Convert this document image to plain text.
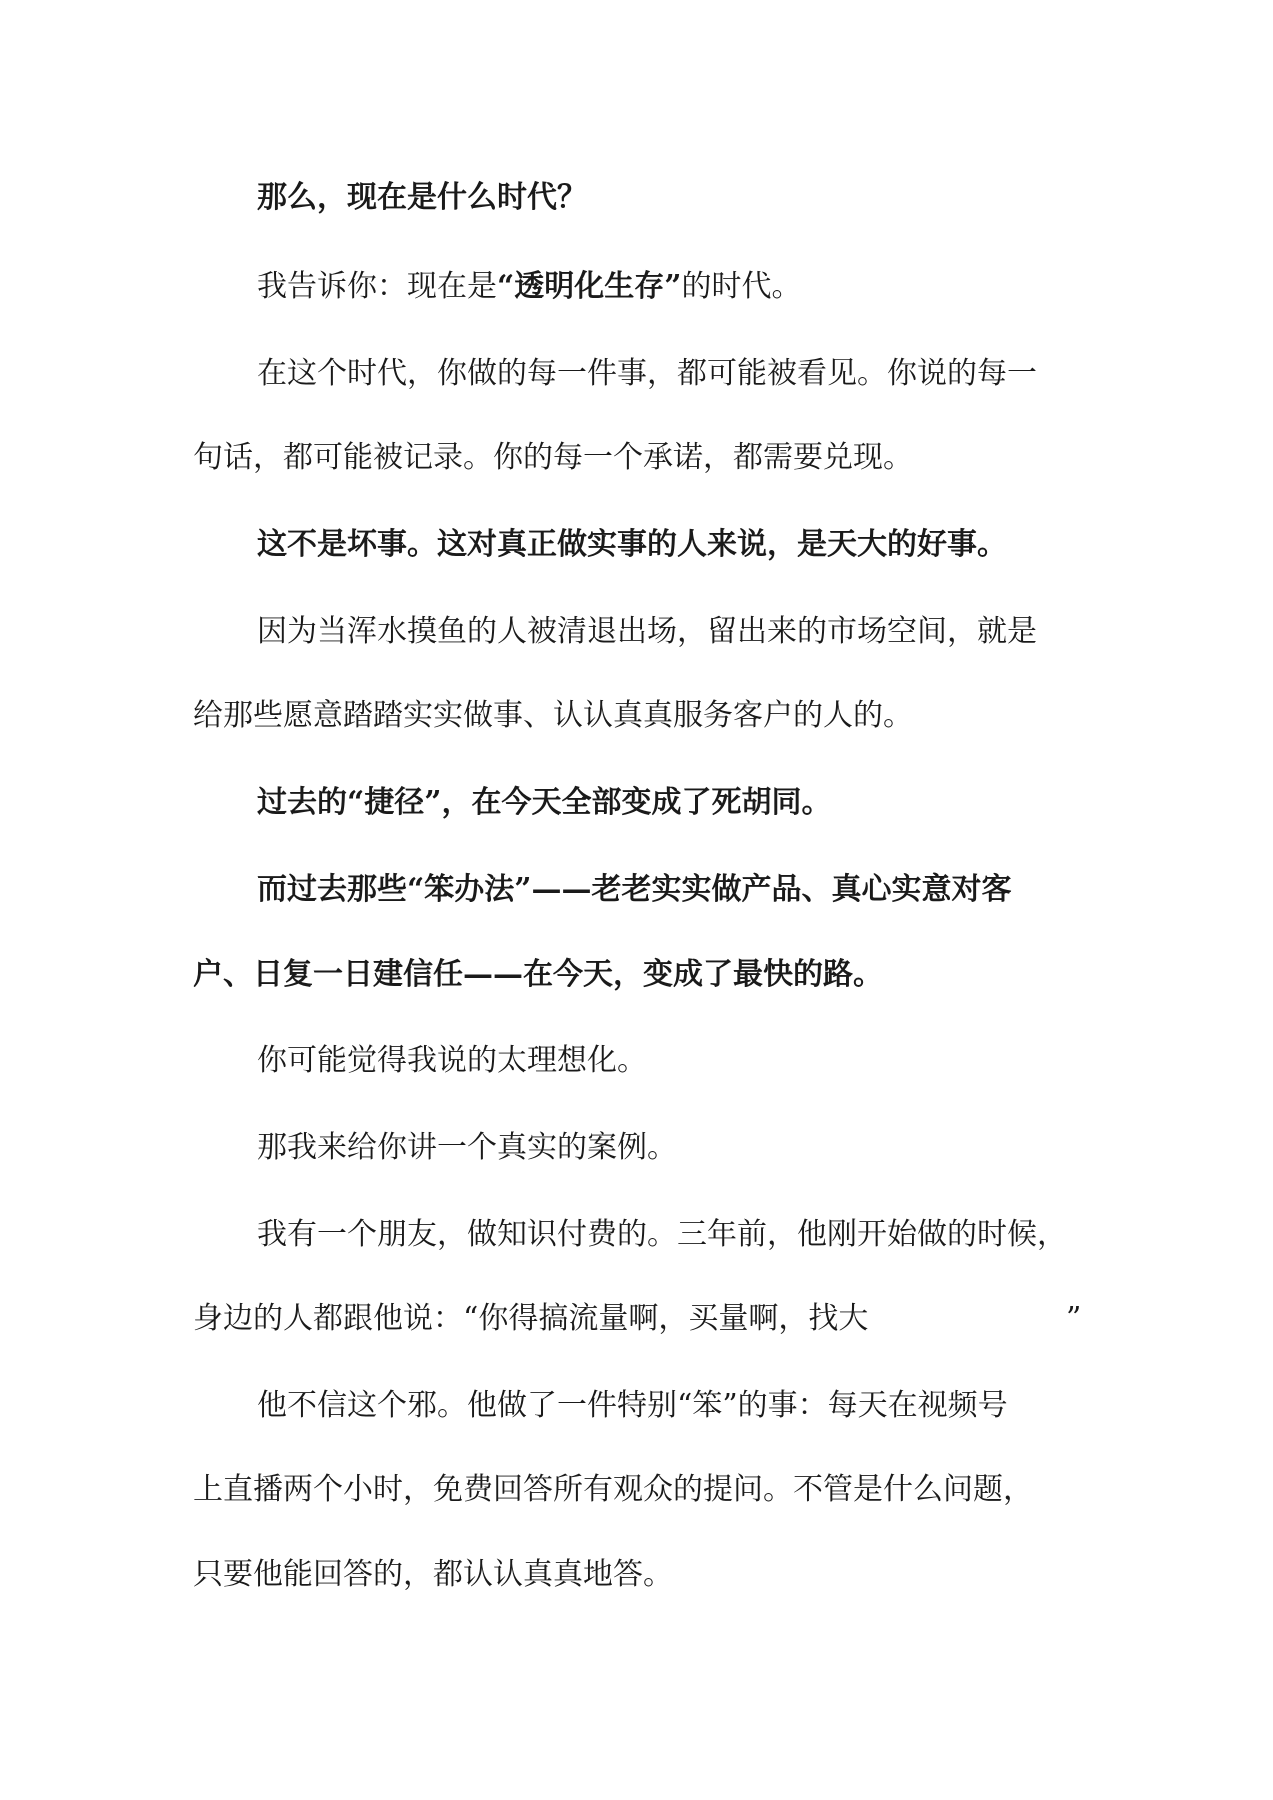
那么，现在是什么时代？
我告诉你：现在是“透明化生存”的时代。
在这个时代，你做的每一件事，都可能被看见。你说的每一
句话，都可能被记录。你的每一个承诺，都需要兑现。
这不是坏事。这对真正做实事的人来说，是天大的好事。
因为当浑水摸鱼的人被清退出场，留出来的市场空间，就是
给那些愿意踏踏实实做事、认认真真服务客户的人的。
过去的“捷径”，在今天全部变成了死胡同。
而过去那些“笨办法”——老老实实做产品、真心实意对客
户、日复一日建信任——在今天，变成了最快的路。
你可能觉得我说的太理想化。
那我来给你讲一个真实的案例。
我有一个朋友，做知识付费的。三年前，他刚开始做的时候，
身边的人都跟他说：“你得搞流量啊，买量啊，找大	”
他不信这个邪。他做了一件特别“笨”的事：每天在视频号
上直播两个小时，免费回答所有观众的提问。不管是什么问题，
只要他能回答的，都认认真真地答。
